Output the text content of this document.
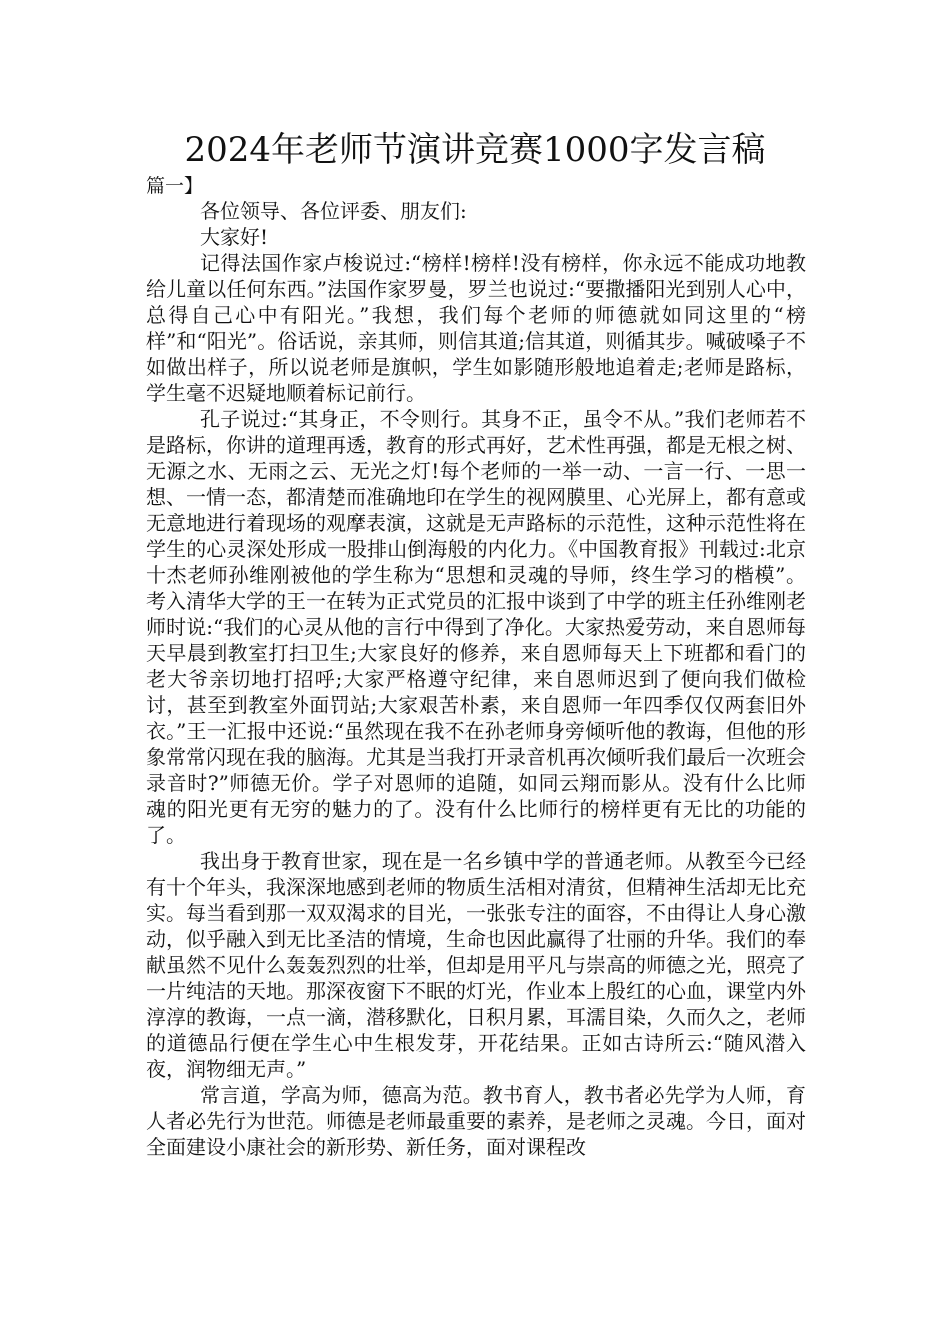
2024年老师节演讲竞赛1000字发言稿
篇一】

各位领导、各位评委、朋友们:

大家好!

记得法国作家卢梭说过:“榜样!榜样!没有榜样，你永远不能成功地教给儿童以任何东西。”法国作家罗曼，罗兰也说过:“要撒播阳光到别人心中，总得自己心中有阳光。”我想，我们每个老师的师德就如同这里的“榜样”和“阳光”。俗话说，亲其师，则信其道;信其道，则循其步。喊破嗓子不如做出样子，所以说老师是旗帜，学生如影随形般地追着走;老师是路标，学生毫不迟疑地顺着标记前行。

孔子说过:“其身正，不令则行。其身不正，虽令不从。”我们老师若不是路标，你讲的道理再透，教育的形式再好，艺术性再强，都是无根之树、无源之水、无雨之云、无光之灯!每个老师的一举一动、一言一行、一思一想、一情一态，都清楚而准确地印在学生的视网膜里、心光屏上，都有意或无意地进行着现场的观摩表演，这就是无声路标的示范性，这种示范性将在学生的心灵深处形成一股排山倒海般的内化力。《中国教育报》刊载过:北京十杰老师孙维刚被他的学生称为“思想和灵魂的导师，终生学习的楷模”。考入清华大学的王一在转为正式党员的汇报中谈到了中学的班主任孙维刚老师时说:“我们的心灵从他的言行中得到了净化。大家热爱劳动，来自恩师每天早晨到教室打扫卫生;大家良好的修养，来自恩师每天上下班都和看门的老大爷亲切地打招呼;大家严格遵守纪律，来自恩师迟到了便向我们做检讨，甚至到教室外面罚站;大家艰苦朴素，来自恩师一年四季仅仅两套旧外衣。”王一汇报中还说:“虽然现在我不在孙老师身旁倾听他的教诲，但他的形象常常闪现在我的脑海。尤其是当我打开录音机再次倾听我们最后一次班会录音时?”师德无价。学子对恩师的追随，如同云翔而影从。没有什么比师魂的阳光更有无穷的魅力的了。没有什么比师行的榜样更有无比的功能的了。

我出身于教育世家，现在是一名乡镇中学的普通老师。从教至今已经有十个年头，我深深地感到老师的物质生活相对清贫，但精神生活却无比充实。每当看到那一双双渴求的目光，一张张专注的面容，不由得让人身心激动，似乎融入到无比圣洁的情境，生命也因此赢得了壮丽的升华。我们的奉献虽然不见什么轰轰烈烈的壮举，但却是用平凡与崇高的师德之光，照亮了一片纯洁的天地。那深夜窗下不眠的灯光，作业本上殷红的心血，课堂内外淳淳的教诲，一点一滴，潜移默化，日积月累，耳濡目染，久而久之，老师的道德品行便在学生心中生根发芽，开花结果。正如古诗所云:“随风潜入夜，润物细无声。”

常言道，学高为师，德高为范。教书育人，教书者必先学为人师，育人者必先行为世范。师德是老师最重要的素养，是老师之灵魂。今日，面对全面建设小康社会的新形势、新任务，面对课程改
